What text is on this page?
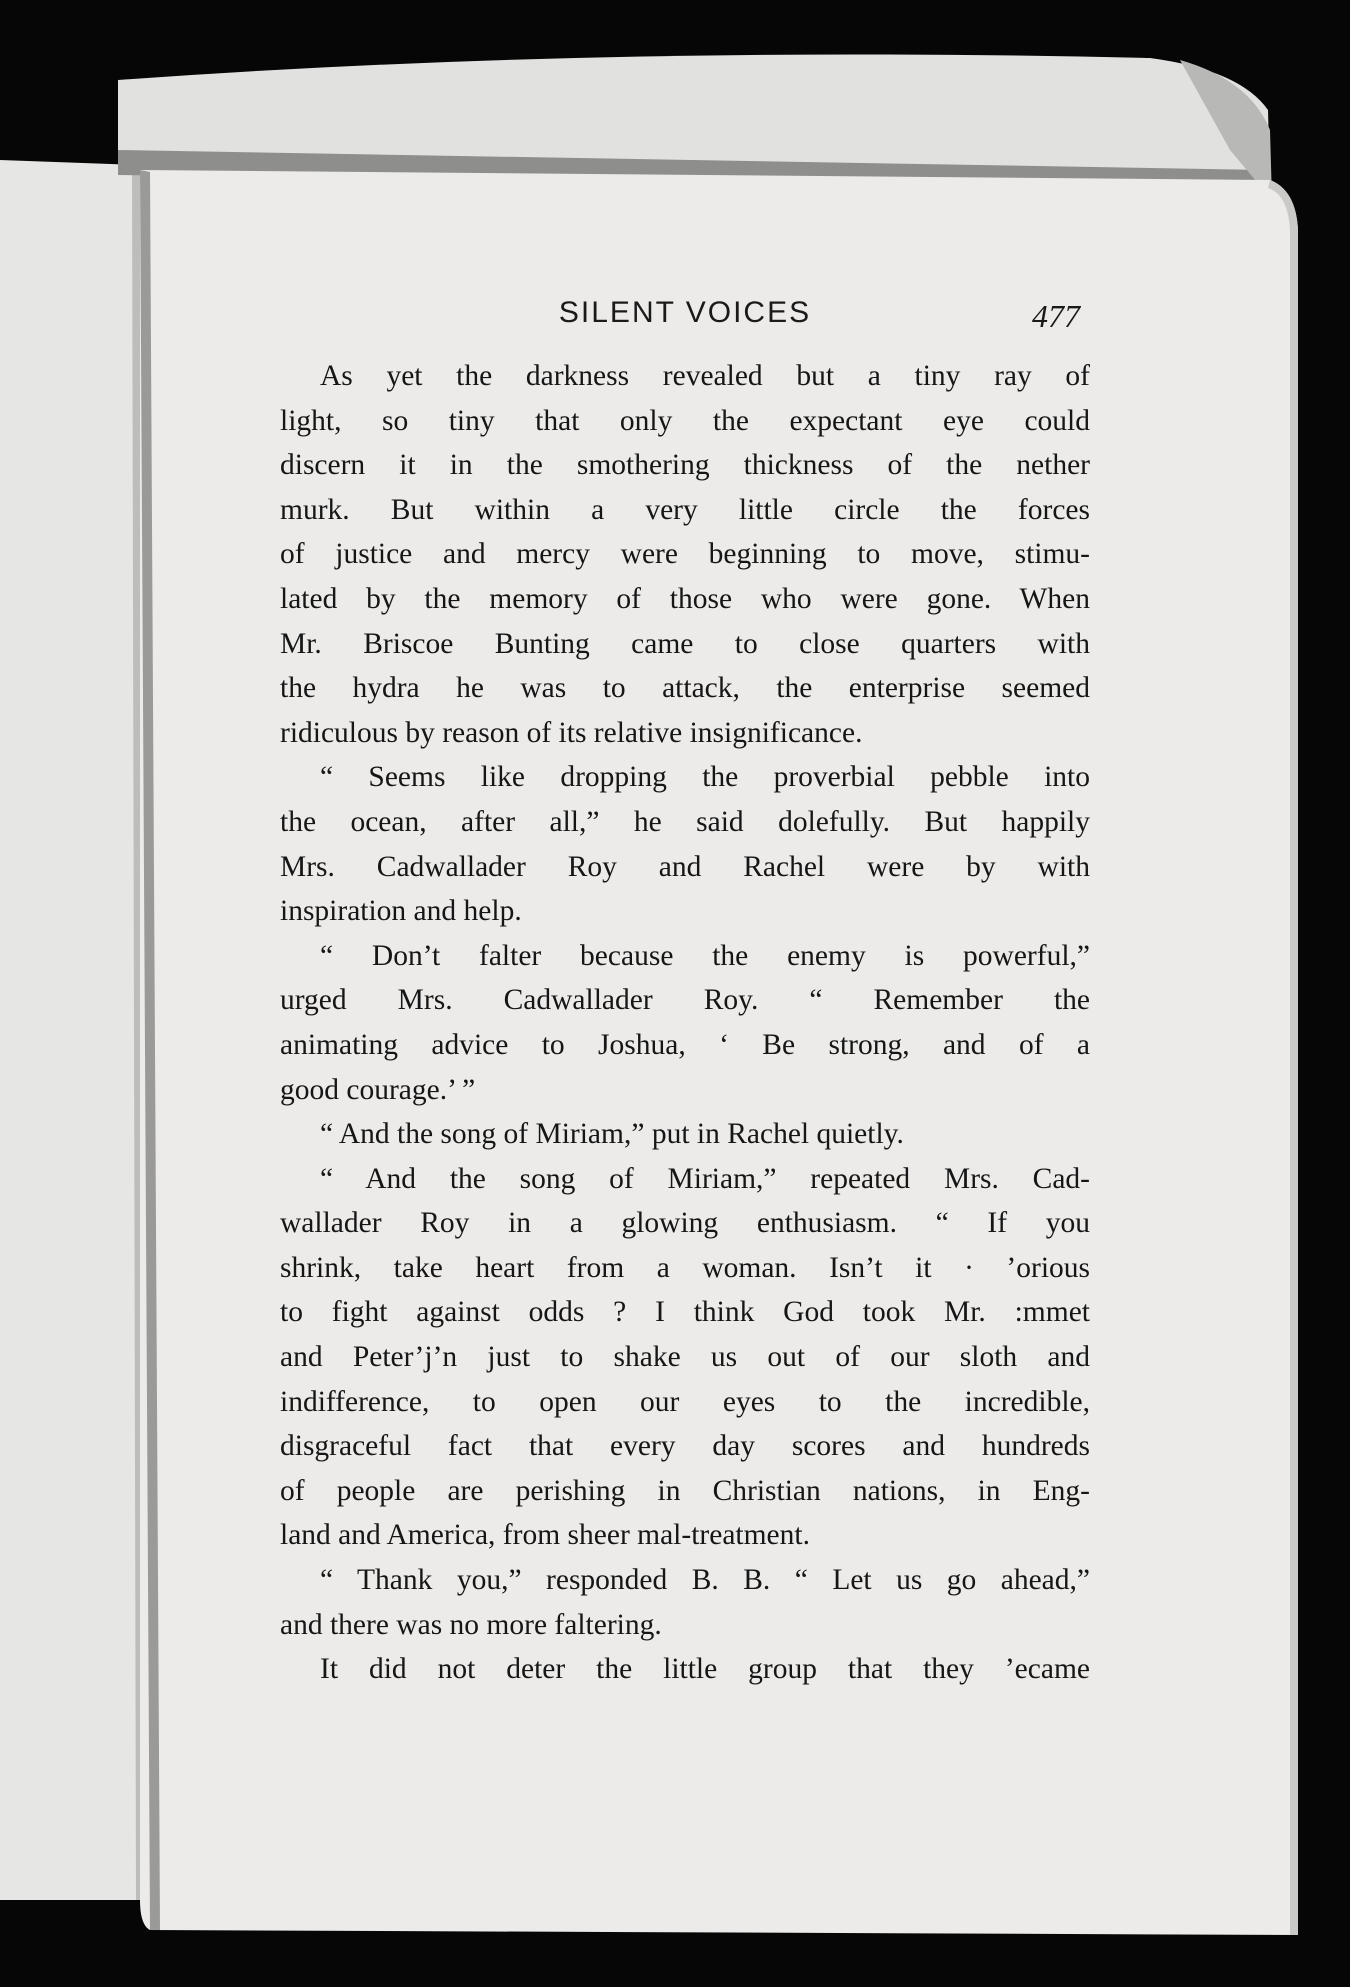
SILENT VOICES	477
As yet the darkness revealed but a tiny ray of
light, so tiny that only the expectant eye could
discern it in the smothering thickness of the nether
murk. But within a very little circle the forces
of justice and mercy were beginning to move, stimu-
lated by the memory of those who were gone. When
Mr. Briscoe Bunting came to close quarters with
the hydra he was to attack, the enterprise seemed
ridiculous by reason of its relative insignificance.
“ Seems like dropping the proverbial pebble into
the ocean, after all,” he said dolefully. But happily
Mrs. Cadwallader Roy and Rachel were by with
inspiration and help.
“ Don’t falter because the enemy is powerful,”
urged Mrs. Cadwallader Roy. “ Remember the
animating advice to Joshua, ‘ Be strong, and of a
good courage.’ ”
“ And the song of Miriam,” put in Rachel quietly.
“ And the song of Miriam,” repeated Mrs. Cad-
wallader Roy in a glowing enthusiasm. “ If you
shrink, take heart from a woman. Isn’t it · ’orious
to fight against odds ? I think God took Mr. :mmet
and Peter’j’n just to shake us out of our sloth and
indifference, to open our eyes to the incredible,
disgraceful fact that every day scores and hundreds
of people are perishing in Christian nations, in Eng-
land and America, from sheer mal-treatment.
“ Thank you,” responded B. B. “ Let us go ahead,”
and there was no more faltering.
It did not deter the little group that they ’ecame
